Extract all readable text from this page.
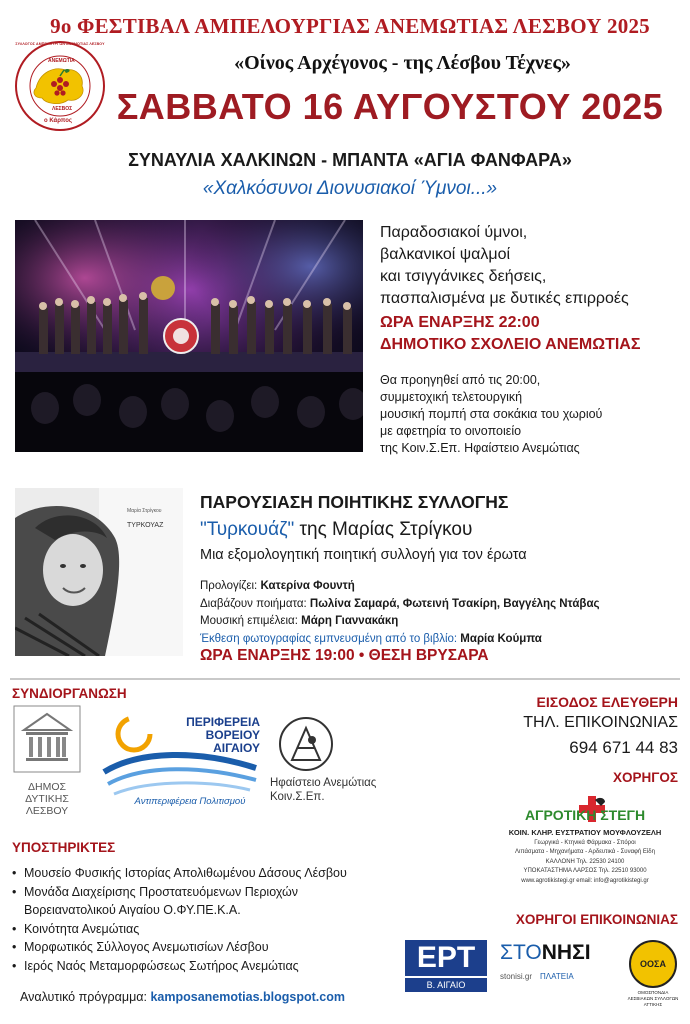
9ο ΦΕΣΤΙΒΑΛ ΑΜΠΕΛΟΥΡΓΙΑΣ ΑΝΕΜΩΤΙΑΣ ΛΕΣΒΟΥ 2025
ΑΝΕΜΩΤΙΑ
ΛΕΣΒΟΣ
ο Κάρπος
ΣΥΛΛΟΓΟΣ ΑΜΠΕΛΟΥΡΓΩΝ ΑΝΕΜΩΤΙΑΣ ΛΕΣΒΟΥ
«Οίνος Αρχέγονος - της Λέσβου Τέχνες»
ΣΑΒΒΑΤΟ 16 ΑΥΓΟΥΣΤΟΥ 2025
ΣΥΝΑΥΛΙΑ ΧΑΛΚΙΝΩΝ - ΜΠΑΝΤΑ «ΑΓΙΑ ΦΑΝΦΑΡΑ»
«Χαλκόσυνοι Διονυσιακοί Ύμνοι...»
Παραδοσιακοί ύμνοι,
βαλκανικοί ψαλμοί
και τσιγγάνικες δεήσεις,
πασπαλισμένα με δυτικές επιρροές
ΩΡΑ ΕΝΑΡΞΗΣ 22:00
ΔΗΜΟΤΙΚΟ ΣΧΟΛΕΙΟ ΑΝΕΜΩΤΙΑΣ
Θα προηγηθεί από τις 20:00,
συμμετοχική τελετουργική
μουσική πομπή στα σοκάκια του χωριού
με αφετηρία το οινοποιείο
της Κοιν.Σ.Επ. Ηφαίστειο Ανεμώτιας
Μαρία Στρίγκου
ΤΥΡΚΟΥΑΖ
ΠΑΡΟΥΣΙΑΣΗ ΠΟΙΗΤΙΚΗΣ ΣΥΛΛΟΓΗΣ
"Τυρκουάζ" της Μαρίας Στρίγκου
Μια εξομολογητική ποιητική συλλογή για τον έρωτα
Προλογίζει: Κατερίνα Φουντή
Διαβάζουν ποιήματα: Πωλίνα Σαμαρά, Φωτεινή Τσακίρη, Βαγγέλης Ντάβας
Μουσική επιμέλεια: Μάρη Γιαννακάκη
Έκθεση φωτογραφίας εμπνευσμένη από το βιβλίο: Μαρία Κούμπα
ΩΡΑ ΕΝΑΡΞΗΣ 19:00 • ΘΕΣΗ ΒΡΥΣΑΡΑ
ΣΥΝΔΙΟΡΓΑΝΩΣΗ
ΔΗΜΟΣ
ΔΥΤΙΚΗΣ
ΛΕΣΒΟΥ
ΠΕΡΙΦΕΡΕΙΑ
ΒΟΡΕΙΟΥ
ΑΙΓΑΙΟΥ
Αντιπεριφέρεια Πολιτισμού
Ηφαίστειο Ανεμώτιας
Κοιν.Σ.Επ.
ΕΙΣΟΔΟΣ ΕΛΕΥΘΕΡΗ
ΤΗΛ. ΕΠΙΚΟΙΝΩΝΙΑΣ
694 671 44 83
ΧΟΡΗΓΟΣ
ΑΓΡΟΤΙΚΗ ΣΤΕΓΗ
ΚΟΙΝ. ΚΛΗΡ. ΕΥΣΤΡΑΤΙΟΥ ΜΟΥΦΛΟΥΖΕΛΗ
Γεωργικά - Κτηνικά Φάρμακα - Σπόροι
Λιπάσματα - Μηχανήματα - Αρδευτικά - Συναφή Είδη
ΚΑΛΛΟΝΗ Τηλ. 22530 24100
ΥΠΟΚΑΤΑΣΤΗΜΑ ΛΑΡΣΟΣ Τηλ. 22510 93000
www.agrotikistegi.gr email: info@agrotikistegi.gr
ΥΠΟΣΤΗΡΙΚΤΕΣ
• Μουσείο Φυσικής Ιστορίας Απολιθωμένου Δάσους Λέσβου
• Μονάδα Διαχείρισης Προστατευόμενων Περιοχών
Βορειανατολικού Αιγαίου Ο.ΦΥ.ΠΕ.Κ.Α.
• Κοινότητα Ανεμώτιας
• Μορφωτικός Σύλλογος Ανεμωτισίων Λέσβου
• Ιερός Ναός Μεταμορφώσεως Σωτήρος Ανεμώτιας
ΧΟΡΗΓΟΙ ΕΠΙΚΟΙΝΩΝΙΑΣ
ΕΡΤ
Β. ΑΙΓΑΙΟ
ΣΤΟΝΗΣΙ
stonisi.gr ΠΛΑΤΕΙΑ
ΟΟΣΑ
ΟΜΟΣΠΟΝΔΙΑ ΛΕΣΒΙΑΚΩΝ ΣΥΛΛΟΓΩΝ ΑΤΤΙΚΗΣ
Αναλυτικό πρόγραμμα: kamposanemotias.blogspot.com
